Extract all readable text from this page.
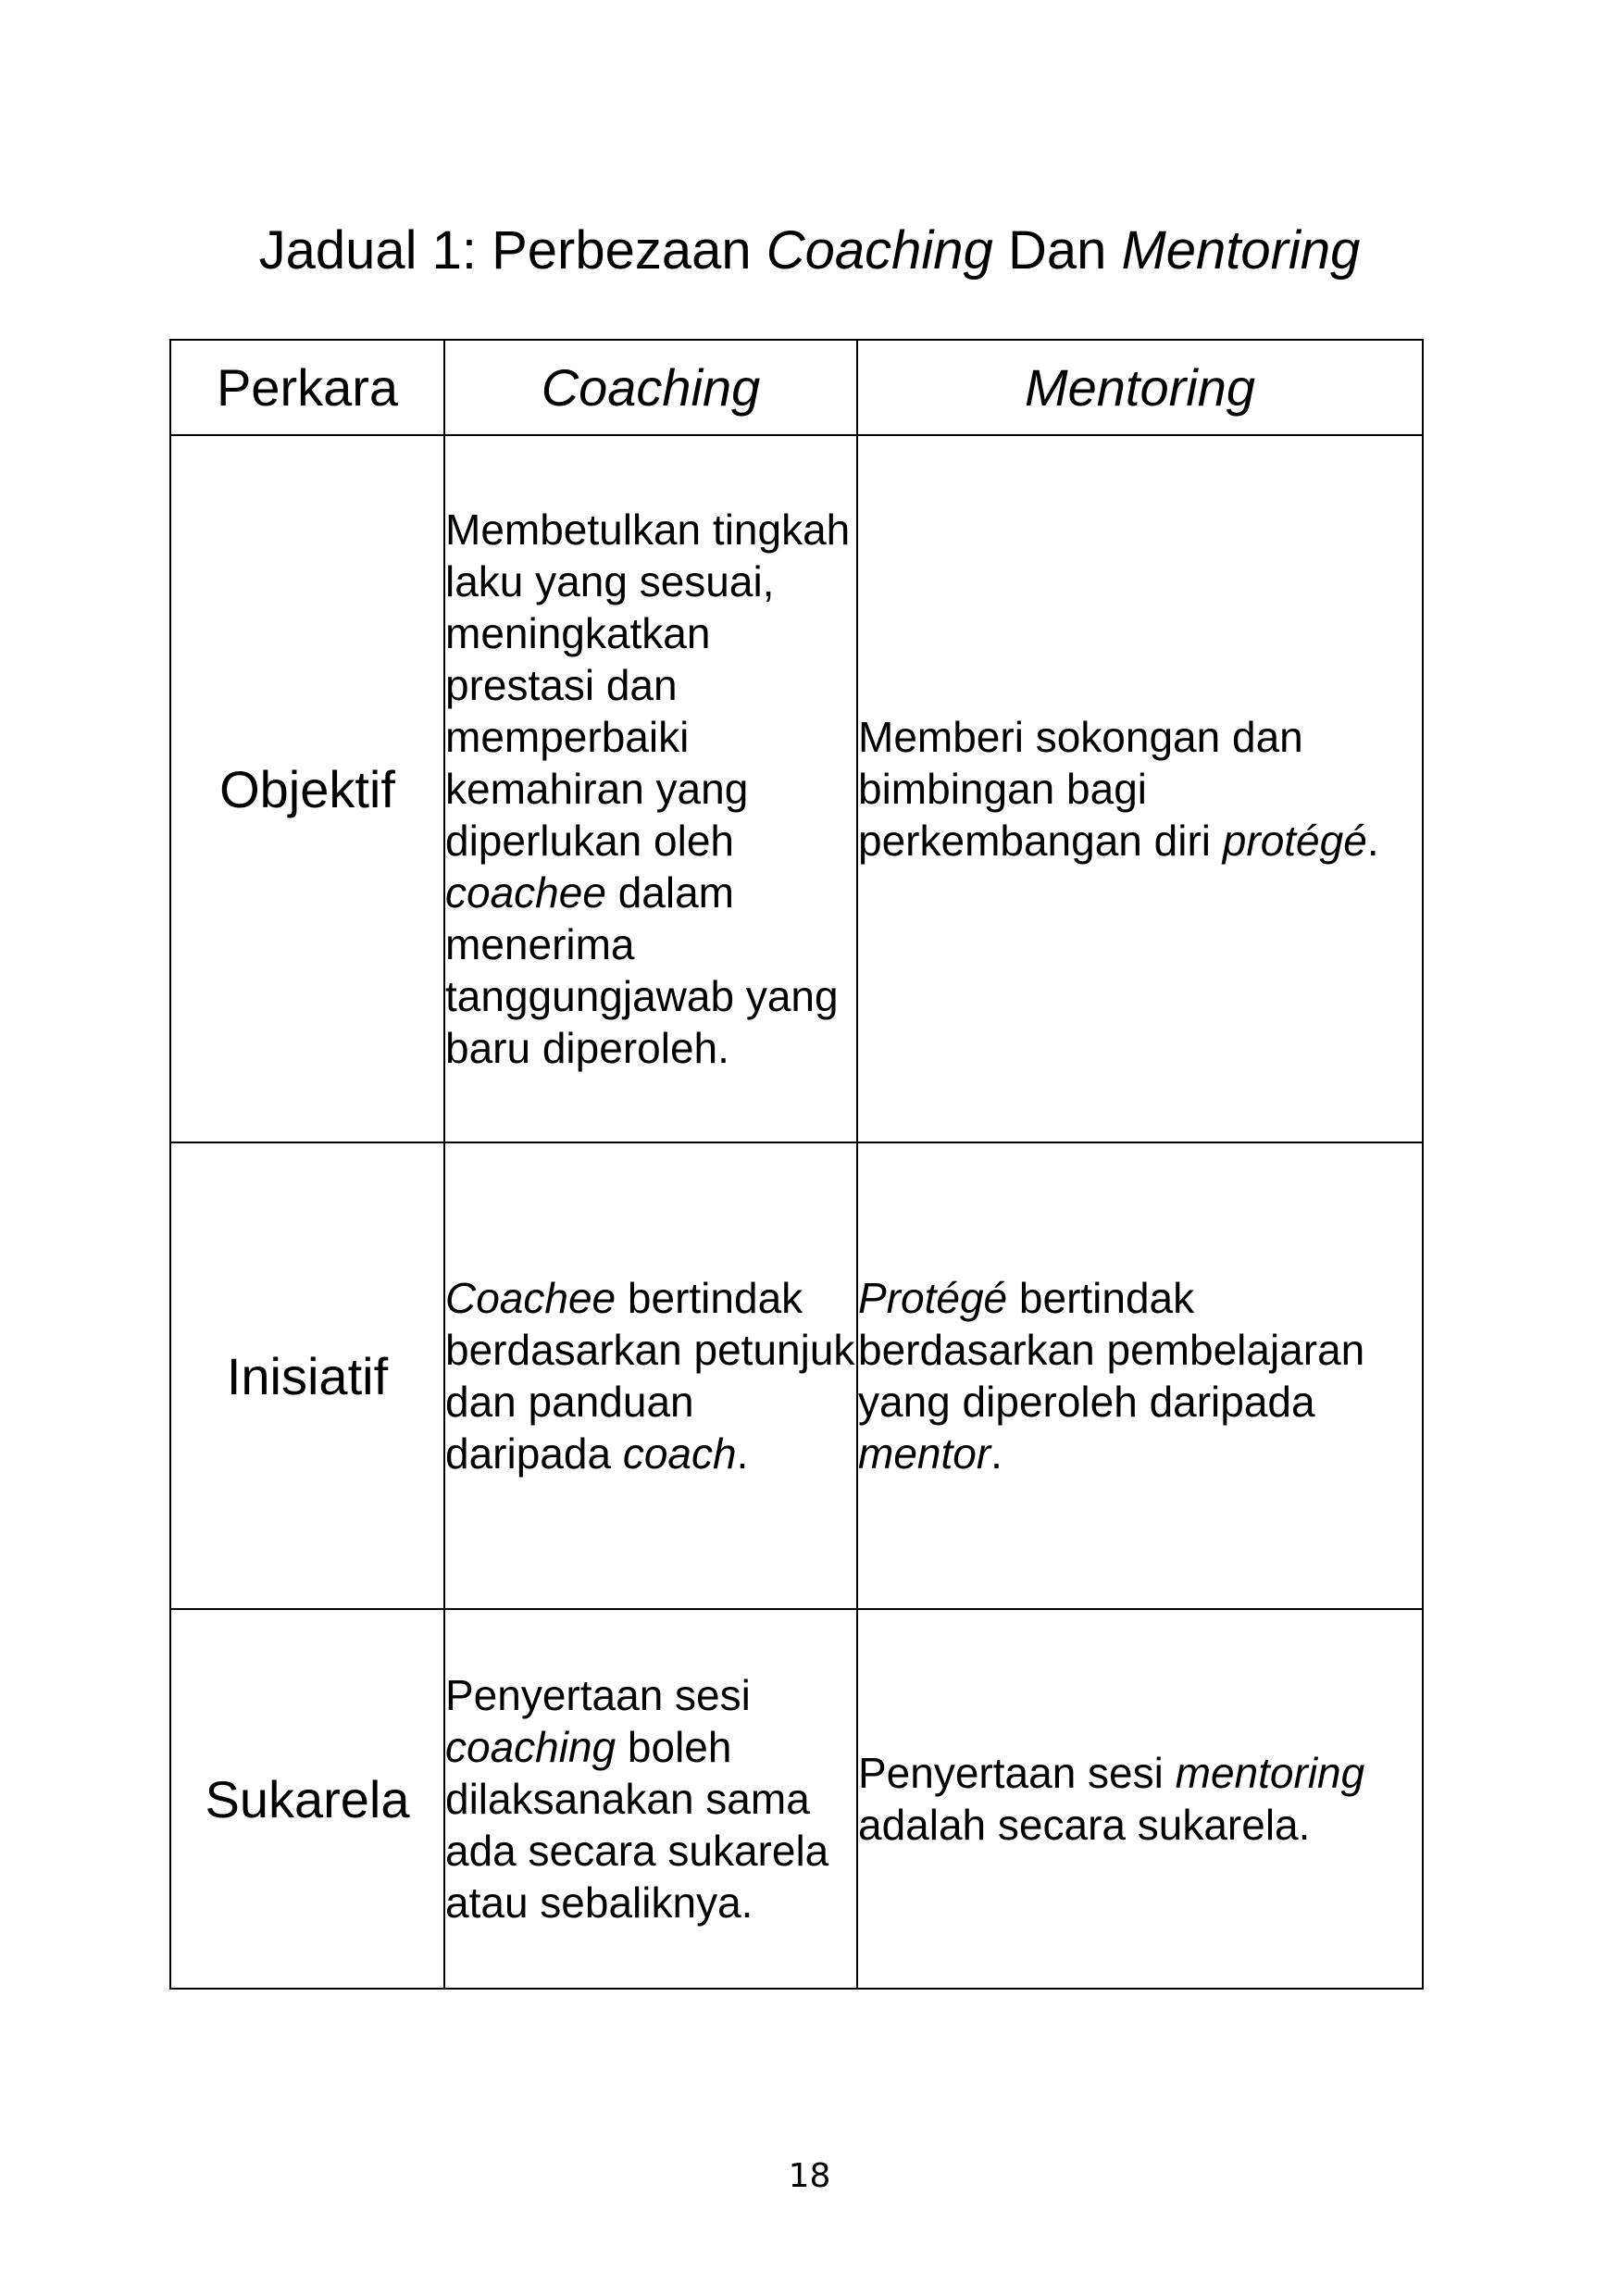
Jadual 1: Perbezaan Coaching Dan Mentoring
Perkara	Coaching	Mentoring
Objektif	Membetulkan tingkah laku yang sesuai, meningkatkan prestasi dan memperbaiki kemahiran yang diperlukan oleh coachee dalam menerima tanggungjawab yang baru diperoleh.	Memberi sokongan dan bimbingan bagi perkembangan diri protégé.
Inisiatif	Coachee bertindak berdasarkan petunjuk dan panduan daripada coach.	Protégé bertindak berdasarkan pembelajaran yang diperoleh daripada mentor.
Sukarela	Penyertaan sesi coaching boleh dilaksanakan sama ada secara sukarela atau sebaliknya.	Penyertaan sesi mentoring adalah secara sukarela.
18
